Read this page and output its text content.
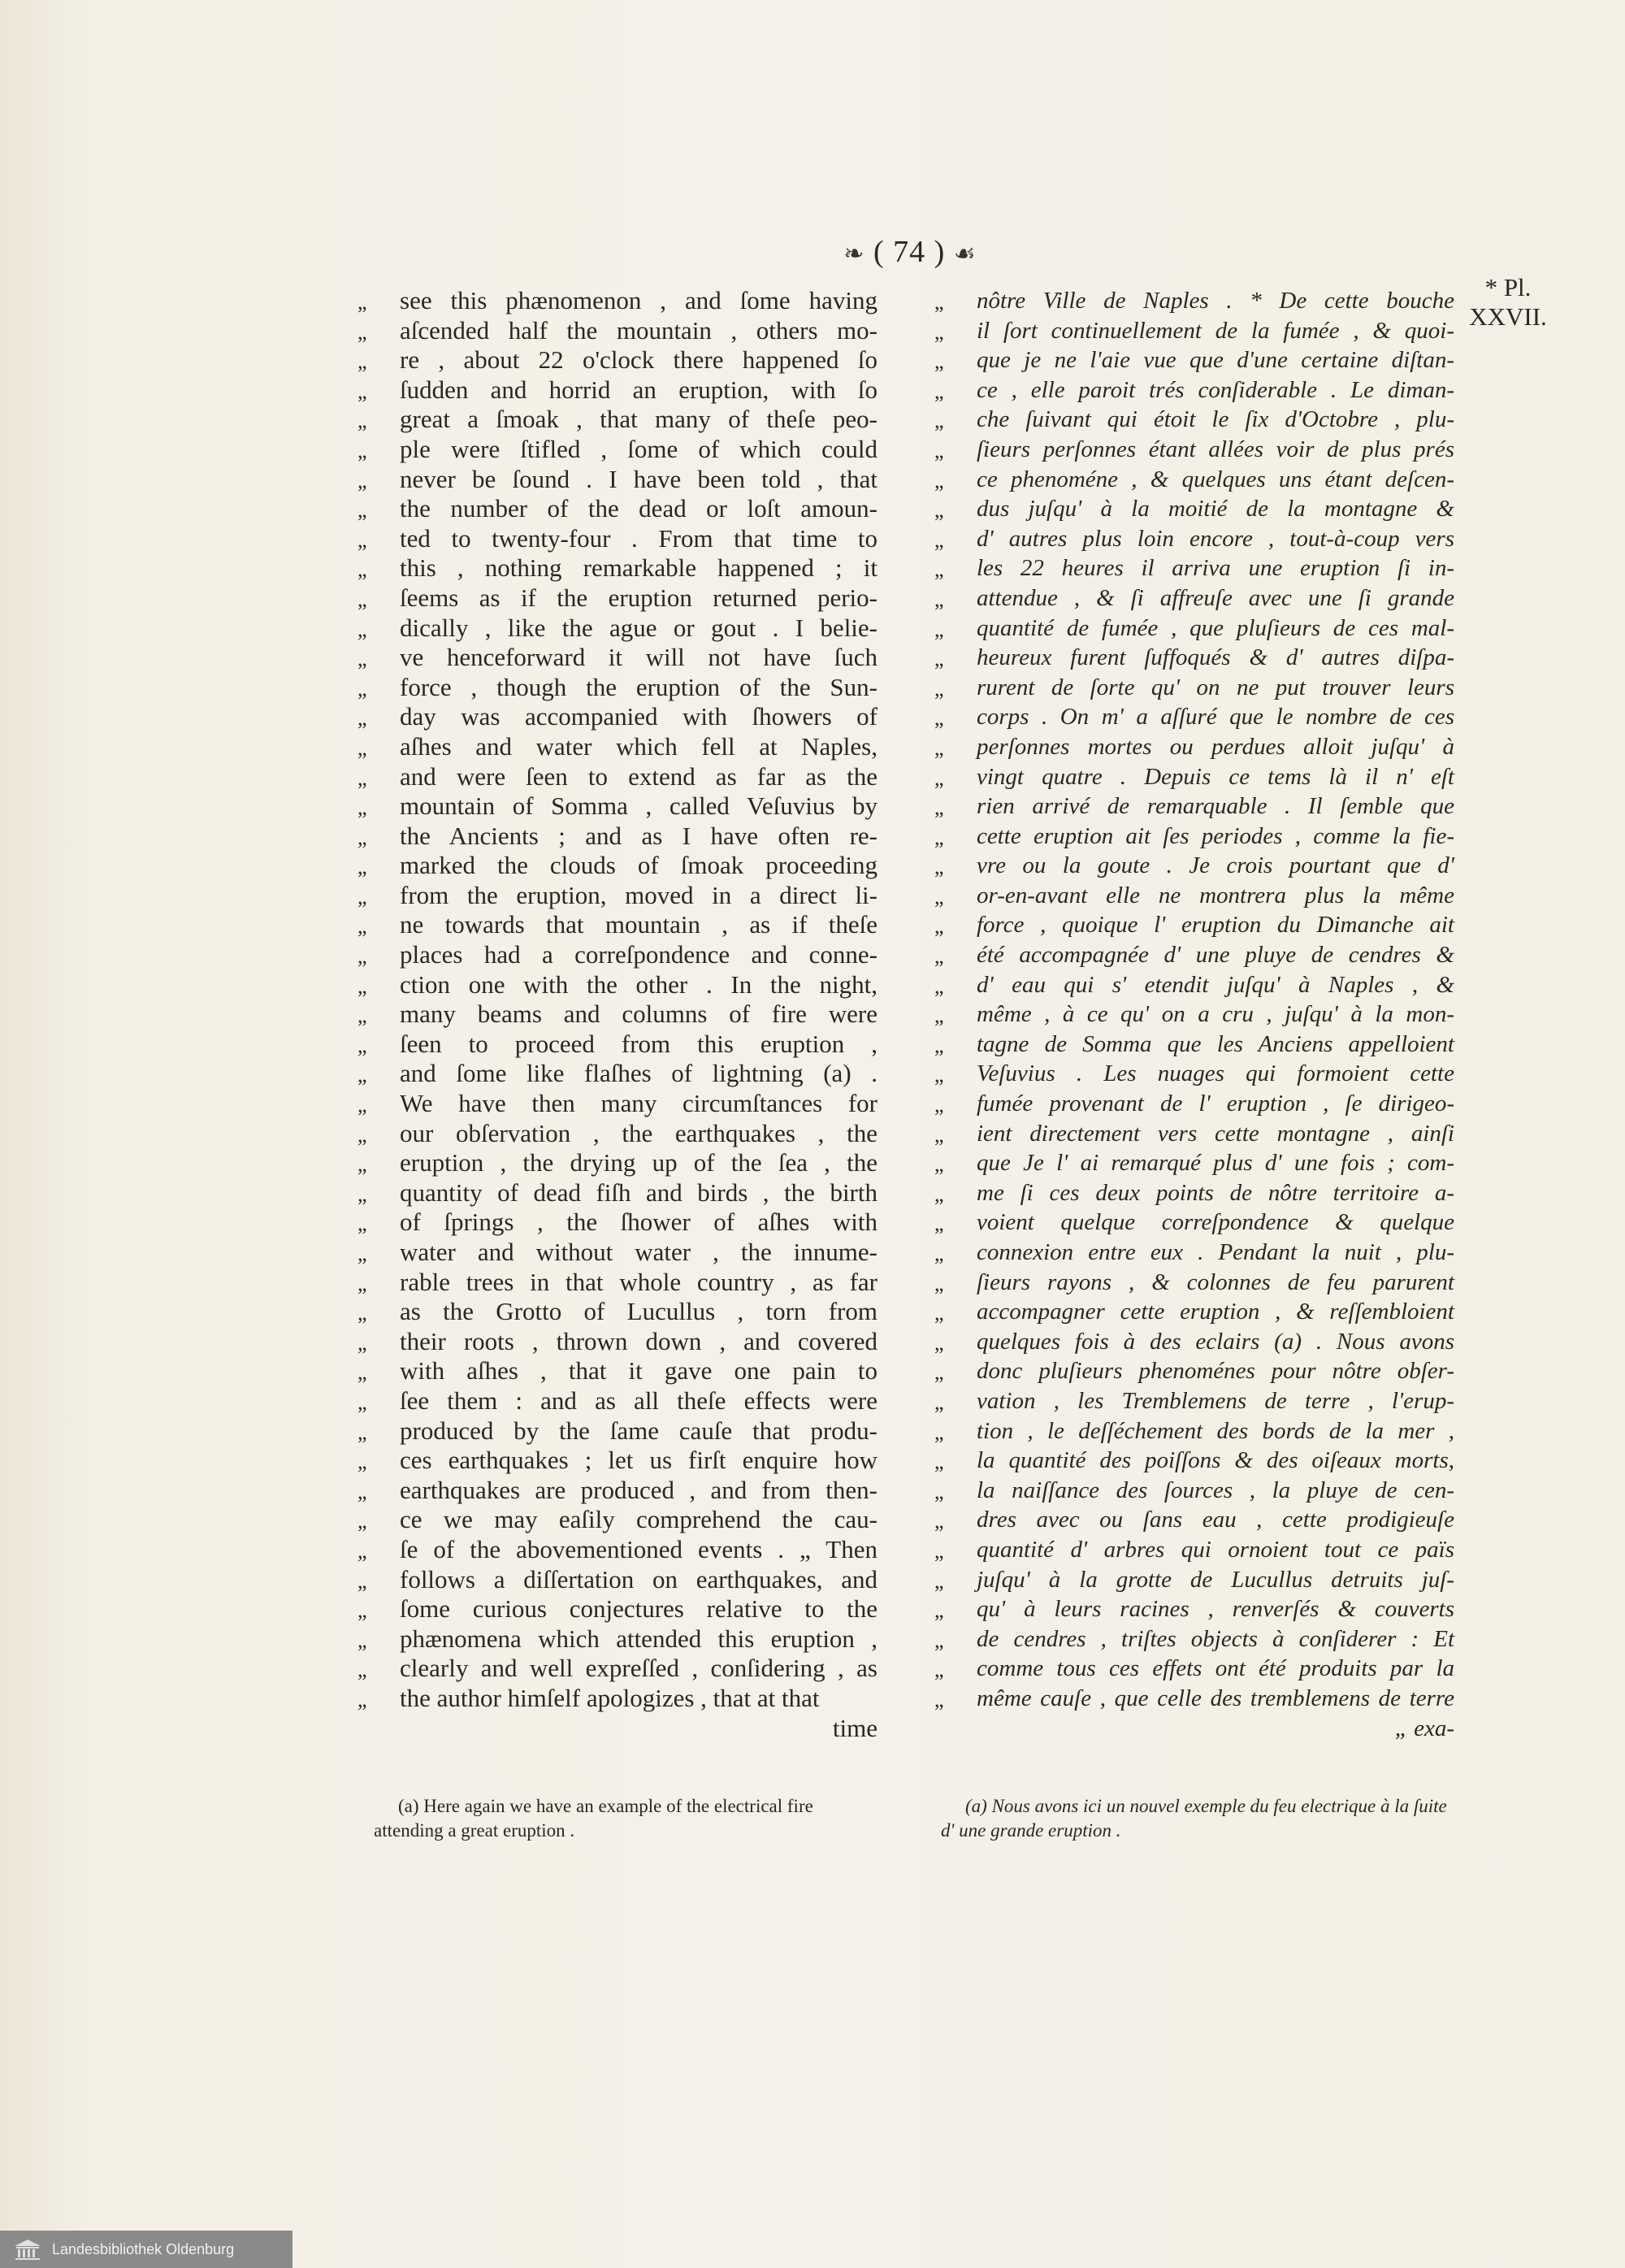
❧ ( 74 ) ☙
* Pl.
XXVII.
„ see this phænomenon , and ſome having
„ aſcended half the mountain , others mo-
„ re , about 22 o'clock there happened ſo
„ ſudden and horrid an eruption, with ſo
„ great a ſmoak , that many of theſe peo-
„ ple were ſtifled , ſome of which could
„ never be ſound . I have been told , that
„ the number of the dead or loſt amoun-
„ ted to twenty-four . From that time to
„ this , nothing remarkable happened ; it
„ ſeems as if the eruption returned perio-
„ dically , like the ague or gout . I belie-
„ ve henceforward it will not have ſuch
„ force , though the eruption of the Sun-
„ day was accompanied with ſhowers of
„ aſhes and water which fell at Naples,
„ and were ſeen to extend as far as the
„ mountain of Somma , called Veſuvius by
„ the Ancients ; and as I have often re-
„ marked the clouds of ſmoak proceeding
„ from the eruption, moved in a direct li-
„ ne towards that mountain , as if theſe
„ places had a correſpondence and conne-
„ ction one with the other . In the night,
„ many beams and columns of fire were
„ ſeen to proceed from this eruption ,
„ and ſome like flaſhes of lightning (a) .
„ We have then many circumſtances for
„ our obſervation , the earthquakes , the
„ eruption , the drying up of the ſea , the
„ quantity of dead fiſh and birds , the birth
„ of ſprings , the ſhower of aſhes with
„ water and without water , the innume-
„ rable trees in that whole country , as far
„ as the Grotto of Lucullus , torn from
„ their roots , thrown down , and covered
„ with aſhes , that it gave one pain to
„ ſee them : and as all theſe effects were
„ produced by the ſame cauſe that produ-
„ ces earthquakes ; let us firſt enquire how
„ earthquakes are produced , and from then-
„ ce we may eaſily comprehend the cau-
„ ſe of the abovementioned events . „ Then
„ follows a diſſertation on earthquakes, and
„ ſome curious conjectures relative to the
„ phænomena which attended this eruption ,
„ clearly and well expreſſed , conſidering , as
„ the author himſelf apologizes , that at that
time
„ nôtre Ville de Naples . * De cette bouche
„ il ſort continuellement de la fumée , & quoi-
„ que je ne l'aie vue que d'une certaine diſtan-
„ ce , elle paroit trés conſiderable . Le diman-
„ che ſuivant qui étoit le ſix d'Octobre , plu-
„ ſieurs perſonnes étant allées voir de plus prés
„ ce phenoméne , & quelques uns étant deſcen-
„ dus juſqu' à la moitié de la montagne &
„ d' autres plus loin encore , tout-à-coup vers
„ les 22 heures il arriva une eruption ſi in-
„ attendue , & ſi affreuſe avec une ſi grande
„ quantité de fumée , que pluſieurs de ces mal-
„ heureux furent ſuffoqués & d' autres diſpa-
„ rurent de ſorte qu' on ne put trouver leurs
„ corps . On m' a aſſuré que le nombre de ces
„ perſonnes mortes ou perdues alloit juſqu' à
„ vingt quatre . Depuis ce tems là il n' eſt
„ rien arrivé de remarquable . Il ſemble que
„ cette eruption ait ſes periodes , comme la fie-
„ vre ou la goute . Je crois pourtant que d'
„ or-en-avant elle ne montrera plus la même
„ force , quoique l' eruption du Dimanche ait
„ été accompagnée d' une pluye de cendres &
„ d' eau qui s' etendit juſqu' à Naples , &
„ même , à ce qu' on a cru , juſqu' à la mon-
„ tagne de Somma que les Anciens appelloient
„ Veſuvius . Les nuages qui formoient cette
„ fumée provenant de l' eruption , ſe dirigeo-
„ ient directement vers cette montagne , ainſi
„ que Je l' ai remarqué plus d' une fois ; com-
„ me ſi ces deux points de nôtre territoire a-
„ voient quelque correſpondence & quelque
„ connexion entre eux . Pendant la nuit , plu-
„ ſieurs rayons , & colonnes de feu parurent
„ accompagner cette eruption , & reſſembloient
„ quelques fois à des eclairs (a) . Nous avons
„ donc pluſieurs phenoménes pour nôtre obſer-
„ vation , les Tremblemens de terre , l'erup-
„ tion , le deſſéchement des bords de la mer ,
„ la quantité des poiſſons & des oiſeaux morts,
„ la naiſſance des ſources , la pluye de cen-
„ dres avec ou ſans eau , cette prodigieuſe
„ quantité d' arbres qui ornoient tout ce païs
„ juſqu' à la grotte de Lucullus detruits juſ-
„ qu' à leurs racines , renverſés & couverts
„ de cendres , triſtes objects à conſiderer : Et
„ comme tous ces effets ont été produits par la
„ même cauſe , que celle des tremblemens de terre
„ exa-
(a) Here again we have an example of the electrical fire attending a great eruption .
(a) Nous avons ici un nouvel exemple du feu electrique à la ſuite d' une grande eruption .
Landesbibliothek Oldenburg
